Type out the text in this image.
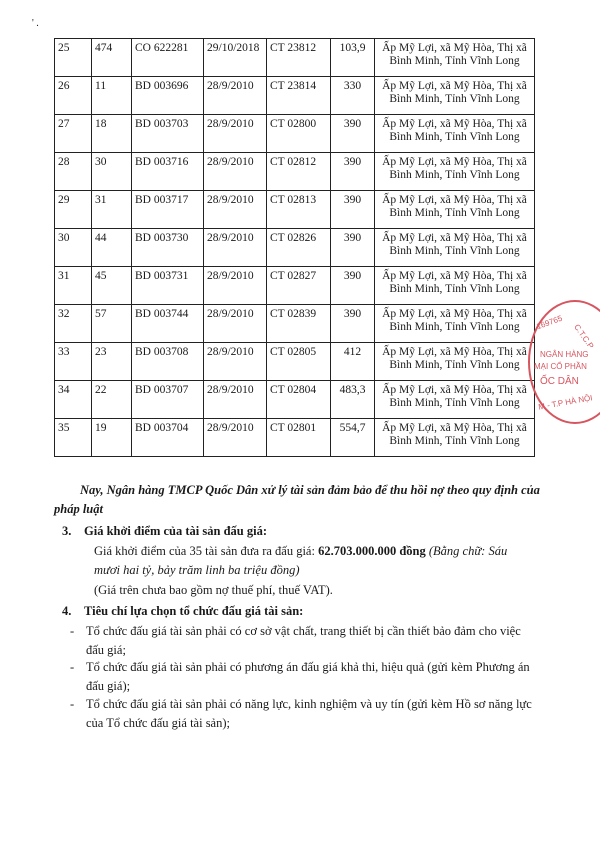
' .
25	474	CO 622281	29/10/2018	CT 23812	103,9	Ấp Mỹ Lợi, xã Mỹ Hòa, Thị xã Bình Minh, Tỉnh Vĩnh Long
26	11	BD 003696	28/9/2010	CT 23814	330	Ấp Mỹ Lợi, xã Mỹ Hòa, Thị xã Bình Minh, Tỉnh Vĩnh Long
27	18	BD 003703	28/9/2010	CT 02800	390	Ấp Mỹ Lợi, xã Mỹ Hòa, Thị xã Bình Minh, Tỉnh Vĩnh Long
28	30	BD 003716	28/9/2010	CT 02812	390	Ấp Mỹ Lợi, xã Mỹ Hòa, Thị xã Bình Minh, Tỉnh Vĩnh Long
29	31	BD 003717	28/9/2010	CT 02813	390	Ấp Mỹ Lợi, xã Mỹ Hòa, Thị xã Bình Minh, Tỉnh Vĩnh Long
30	44	BD 003730	28/9/2010	CT 02826	390	Ấp Mỹ Lợi, xã Mỹ Hòa, Thị xã Bình Minh, Tỉnh Vĩnh Long
31	45	BD 003731	28/9/2010	CT 02827	390	Ấp Mỹ Lợi, xã Mỹ Hòa, Thị xã Bình Minh, Tỉnh Vĩnh Long
32	57	BD 003744	28/9/2010	CT 02839	390	Ấp Mỹ Lợi, xã Mỹ Hòa, Thị xã Bình Minh, Tỉnh Vĩnh Long
33	23	BD 003708	28/9/2010	CT 02805	412	Ấp Mỹ Lợi, xã Mỹ Hòa, Thị xã Bình Minh, Tỉnh Vĩnh Long
34	22	BD 003707	28/9/2010	CT 02804	483,3	Ấp Mỹ Lợi, xã Mỹ Hòa, Thị xã Bình Minh, Tỉnh Vĩnh Long
35	19	BD 003704	28/9/2010	CT 02801	554,7	Ấp Mỹ Lợi, xã Mỹ Hòa, Thị xã Bình Minh, Tỉnh Vĩnh Long
169765
C.T.C.P
NGÂN HÀNG
MẠI CỔ PHẦN
ỐC DÂN
M - T.P HÀ NỘI
Nay, Ngân hàng TMCP Quốc Dân xử lý tài sản đảm bảo để thu hồi nợ theo quy định của pháp luật
3. Giá khởi điểm của tài sản đấu giá:
Giá khởi điểm của 35 tài sản đưa ra đấu giá: 62.703.000.000 đồng (Bằng chữ: Sáu mươi hai tỷ, bảy trăm linh ba triệu đồng)
(Giá trên chưa bao gồm nợ thuế phí, thuế VAT).
4. Tiêu chí lựa chọn tổ chức đấu giá tài sản:
- Tổ chức đấu giá tài sản phải có cơ sở vật chất, trang thiết bị cần thiết bảo đảm cho việc đấu giá;
- Tổ chức đấu giá tài sản phải có phương án đấu giá khả thi, hiệu quả (gửi kèm Phương án đấu giá);
- Tổ chức đấu giá tài sản phải có năng lực, kinh nghiệm và uy tín (gửi kèm Hồ sơ năng lực của Tổ chức đấu giá tài sản);
